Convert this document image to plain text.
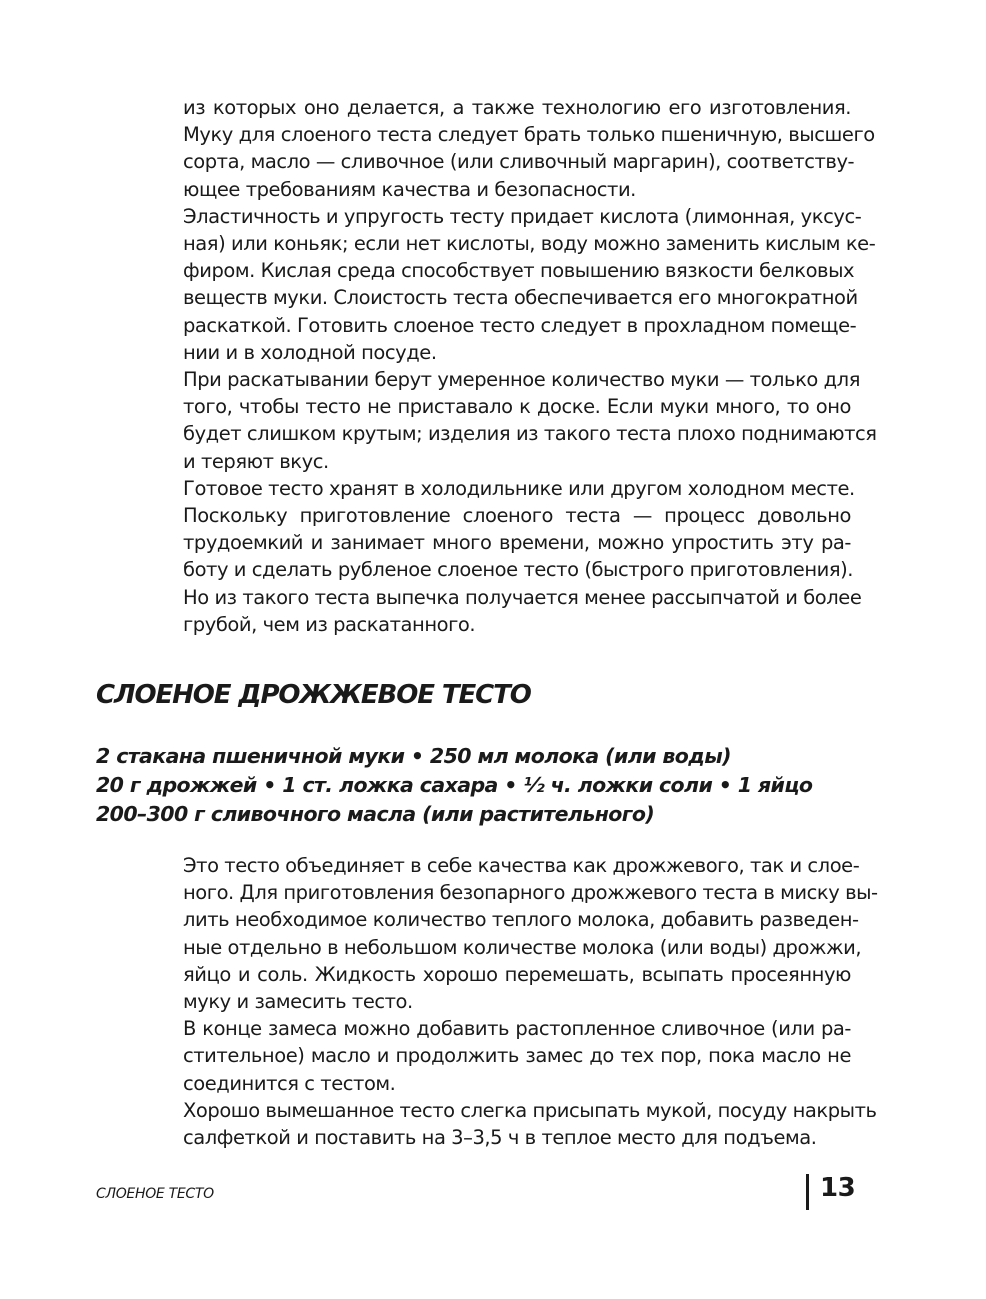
из которых оно делается, а также технологию его изготовления.
Муку для слоеного теста следует брать только пшеничную, высшего
сорта, масло — сливочное (или сливочный маргарин), соответству-
ющее требованиям качества и безопасности.
Эластичность и упругость тесту придает кислота (лимонная, уксус-
ная) или коньяк; если нет кислоты, воду можно заменить кислым ке-
фиром. Кислая среда способствует повышению вязкости белковых
веществ муки. Слоистость теста обеспечивается его многократной
раскаткой. Готовить слоеное тесто следует в прохладном помеще-
нии и в холодной посуде.
При раскатывании берут умеренное количество муки — только для
того, чтобы тесто не приставало к доске. Если муки много, то оно
будет слишком крутым; изделия из такого теста плохо поднимаются
и теряют вкус.
Готовое тесто хранят в холодильнике или другом холодном месте.
Поскольку приготовление слоеного теста — процесс довольно
трудоемкий и занимает много времени, можно упростить эту ра-
боту и сделать рубленое слоеное тесто (быстрого приготовления).
Но из такого теста выпечка получается менее рассыпчатой и более
грубой, чем из раскатанного.
СЛОЕНОЕ ДРОЖЖЕВОЕ ТЕСТО
2 стакана пшеничной муки • 250 мл молока (или воды)
20 г дрожжей • 1 ст. ложка сахара • ½ ч. ложки соли • 1 яйцо
200–300 г сливочного масла (или растительного)
Это тесто объединяет в себе качества как дрожжевого, так и слое-
ного. Для приготовления безопарного дрожжевого теста в миску вы-
лить необходимое количество теплого молока, добавить разведен-
ные отдельно в небольшом количестве молока (или воды) дрожжи,
яйцо и соль. Жидкость хорошо перемешать, всыпать просеянную
муку и замесить тесто.
В конце замеса можно добавить растопленное сливочное (или ра-
стительное) масло и продолжить замес до тех пор, пока масло не
соединится с тестом.
Хорошо вымешанное тесто слегка присыпать мукой, посуду накрыть
салфеткой и поставить на 3–3,5 ч в теплое место для подъема.
СЛОЕНОЕ ТЕСТО	13
